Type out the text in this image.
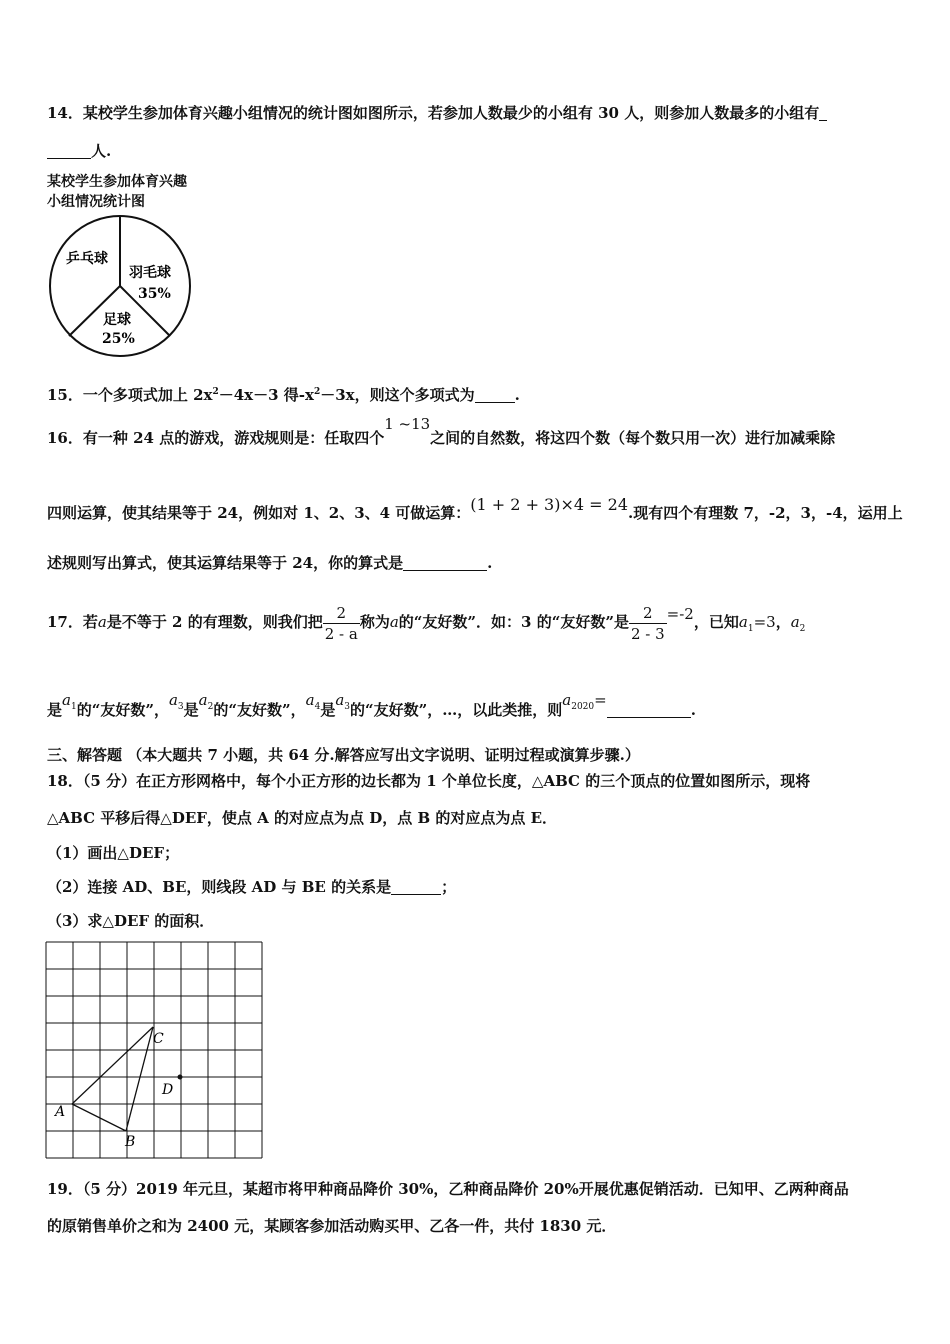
14．某校学生参加体育兴趣小组情况的统计图如图所示，若参加人数最少的小组有 30 人，则参加人数最多的小组有
人.
某校学生参加体育兴趣
小组情况统计图
乒乓球
羽毛球
35%
足球
25%
15．一个多项式加上 $2x^2-4x-3$ 得$-x^2-3x$，则这个多项式为	.
16．有一种 24 点的游戏，游戏规则是：任取四个1 ~13之间的自然数，将这四个数（每个数只用一次）进行加减乘除
四则运算，使其结果等于 24，例如对 1、2、3、4 可做运算：(1 + 2 + 3)×4 = 24.现有四个有理数 7，-2，3，-4，运用上
述规则写出算式，使其运算结果等于 24，你的算式是	.
17．若a是不等于 2 的有理数，则我们把 $\frac{2}{2 - a}$ 称为a的“友好数”．如：3 的“友好数”是 $\frac{2}{2 - 3} =-2$，已知$a_1=3$，$a_2$
是$a_1$的“友好数”，$a_3$是$a_2$的“友好数”，$a_4$是$a_3$的“友好数”，…，以此类推，则$a_{2020}=$.
三、解答题 （本大题共 7 小题，共 64 分.解答应写出文字说明、证明过程或演算步骤.）
18．（5 分）在正方形网格中，每个小正方形的边长都为 1 个单位长度，△ABC 的三个顶点的位置如图所示，现将
△ABC 平移后得△DEF，使点 A 的对应点为点 D，点 B 的对应点为点 E．
（1）画出△DEF；
（2）连接 AD、BE，则线段 AD 与 BE 的关系是	；
（3）求△DEF 的面积．
A
B
C
D
19．（5 分）2019 年元旦，某超市将甲种商品降价 30%，乙种商品降价 20%开展优惠促销活动．已知甲、乙两种商品
的原销售单价之和为 2400 元，某顾客参加活动购买甲、乙各一件，共付 1830 元．
